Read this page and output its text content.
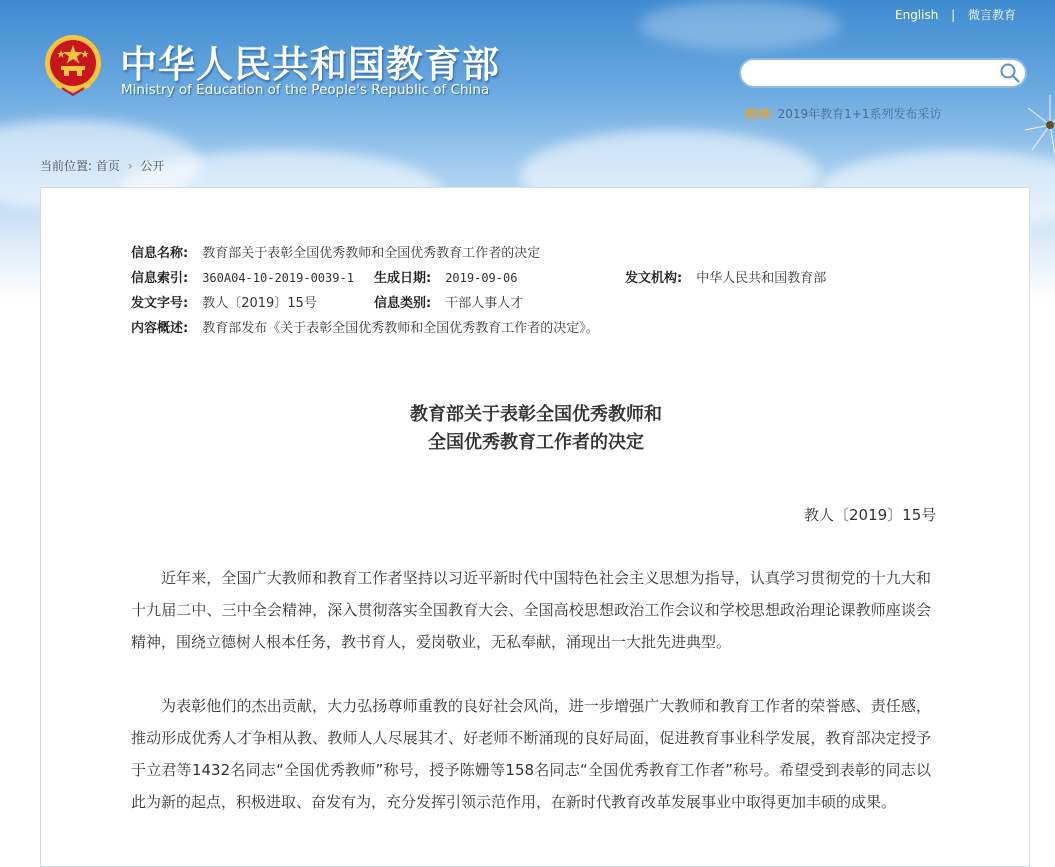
中华人民共和国教育部
Ministry of Education of the People's Republic of China
English | 微言教育
热词: 2019年教育1+1系列发布采访
当前位置: 首页 › 公开
信息名称: 教育部关于表彰全国优秀教师和全国优秀教育工作者的决定
信息索引: 360A04-10-2019-0039-1 生成日期: 2019-09-06	发文机构: 中华人民共和国教育部
发文字号: 教人〔2019〕15号	信息类别: 干部人事人才
内容概述: 教育部发布《关于表彰全国优秀教师和全国优秀教育工作者的决定》。
教育部关于表彰全国优秀教师和
全国优秀教育工作者的决定
教人〔2019〕15号
近年来，全国广大教师和教育工作者坚持以习近平新时代中国特色社会主义思想为指导，认真学习贯彻党的十九大和十九届二中、三中全会精神，深入贯彻落实全国教育大会、全国高校思想政治工作会议和学校思想政治理论课教师座谈会精神，围绕立德树人根本任务，教书育人，爱岗敬业，无私奉献，涌现出一大批先进典型。
为表彰他们的杰出贡献，大力弘扬尊师重教的良好社会风尚，进一步增强广大教师和教育工作者的荣誉感、责任感，推动形成优秀人才争相从教、教师人人尽展其才、好老师不断涌现的良好局面，促进教育事业科学发展，教育部决定授予于立君等1432名同志“全国优秀教师”称号，授予陈姗等158名同志“全国优秀教育工作者”称号。希望受到表彰的同志以此为新的起点，积极进取、奋发有为，充分发挥引领示范作用，在新时代教育改革发展事业中取得更加丰硕的成果。
